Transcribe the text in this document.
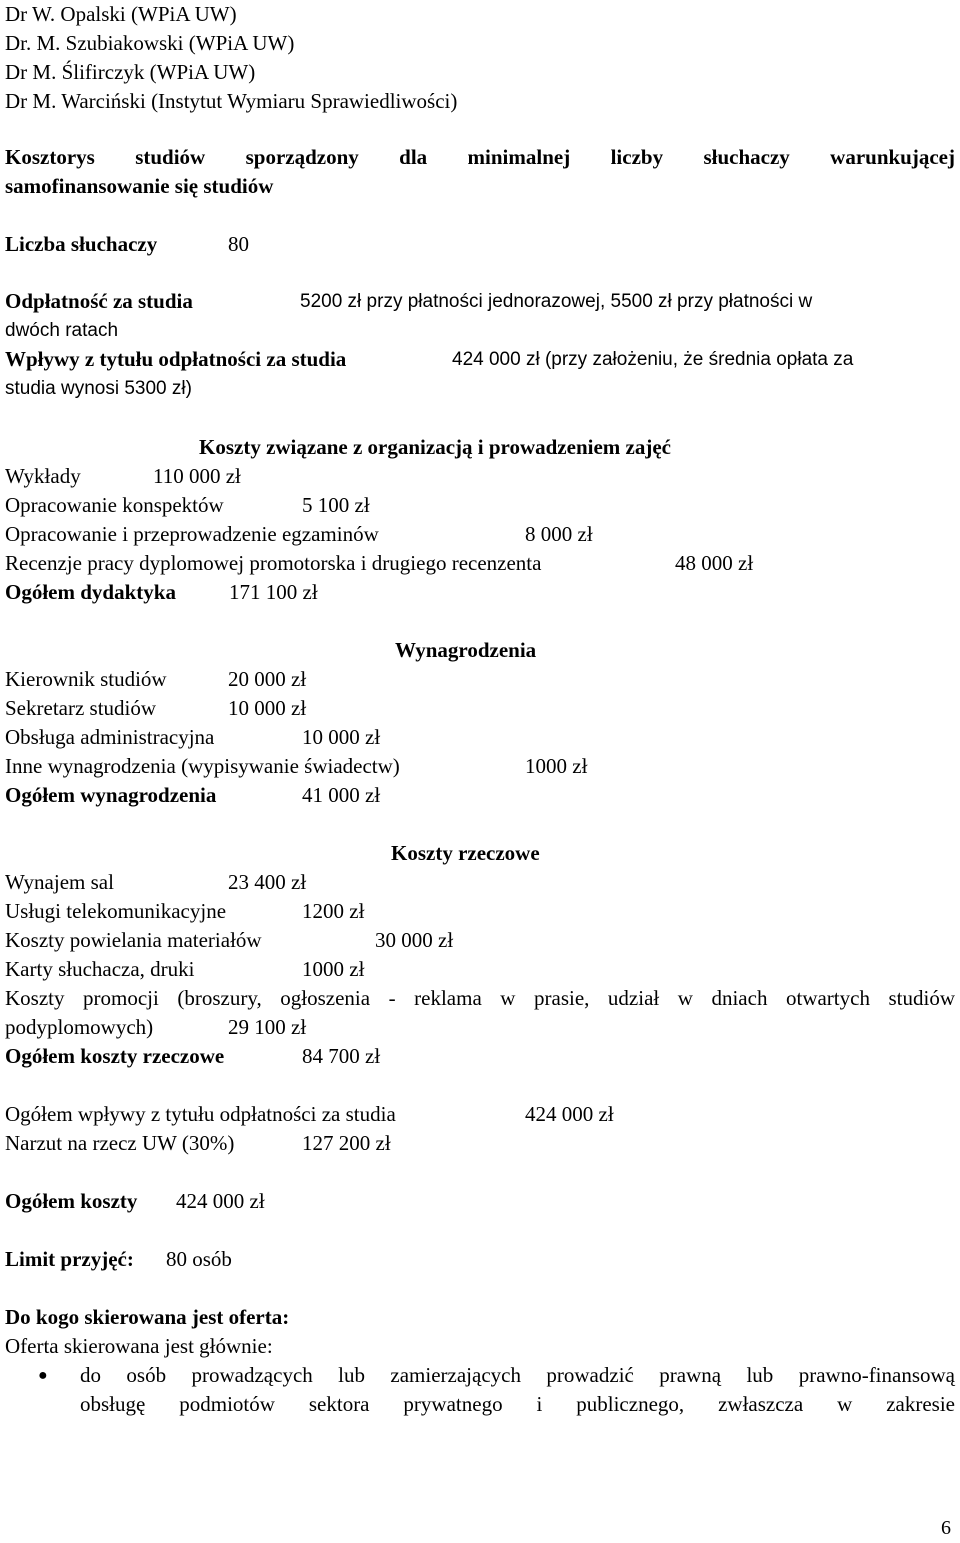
Dr W. Opalski (WPiA UW)
Dr. M. Szubiakowski (WPiA UW)
Dr M. Ślifirczyk (WPiA UW)
Dr M. Warciński (Instytut Wymiaru Sprawiedliwości)
Kosztorys studiów sporządzony dla minimalnej liczby słuchaczy warunkującej
samofinansowanie się studiów
Liczba słuchaczy	80
Odpłatność za studia	5200 zł przy płatności jednorazowej, 5500 zł przy płatności w
dwóch ratach
Wpływy z tytułu odpłatności za studia	424 000 zł (przy założeniu, że średnia opłata za
studia wynosi 5300 zł)
Koszty związane z organizacją i prowadzeniem zajęć
Wykłady	110 000 zł
Opracowanie konspektów	5 100 zł
Opracowanie i przeprowadzenie egzaminów	8 000 zł
Recenzje pracy dyplomowej promotorska i drugiego recenzenta	48 000 zł
Ogółem dydaktyka	171 100 zł
Wynagrodzenia
Kierownik studiów	20 000 zł
Sekretarz studiów	10 000 zł
Obsługa administracyjna	10 000 zł
Inne wynagrodzenia (wypisywanie świadectw)	1000 zł
Ogółem wynagrodzenia	41 000 zł
Koszty rzeczowe
Wynajem sal	23 400 zł
Usługi telekomunikacyjne	1200 zł
Koszty powielania materiałów	30 000 zł
Karty słuchacza, druki	1000 zł
Koszty promocji (broszury, ogłoszenia - reklama w prasie, udział w dniach otwartych studiów
podyplomowych)	29 100 zł
Ogółem koszty rzeczowe	84 700 zł
Ogółem wpływy z tytułu odpłatności za studia	424 000 zł
Narzut na rzecz UW (30%)	127 200 zł
Ogółem koszty 424 000 zł
Limit przyjęć: 80 osób
Do kogo skierowana jest oferta:
Oferta skierowana jest głównie:
● do osób prowadzących lub zamierzających prowadzić prawną lub prawno-finansową
obsługę podmiotów sektora prywatnego i publicznego, zwłaszcza w zakresie
6
